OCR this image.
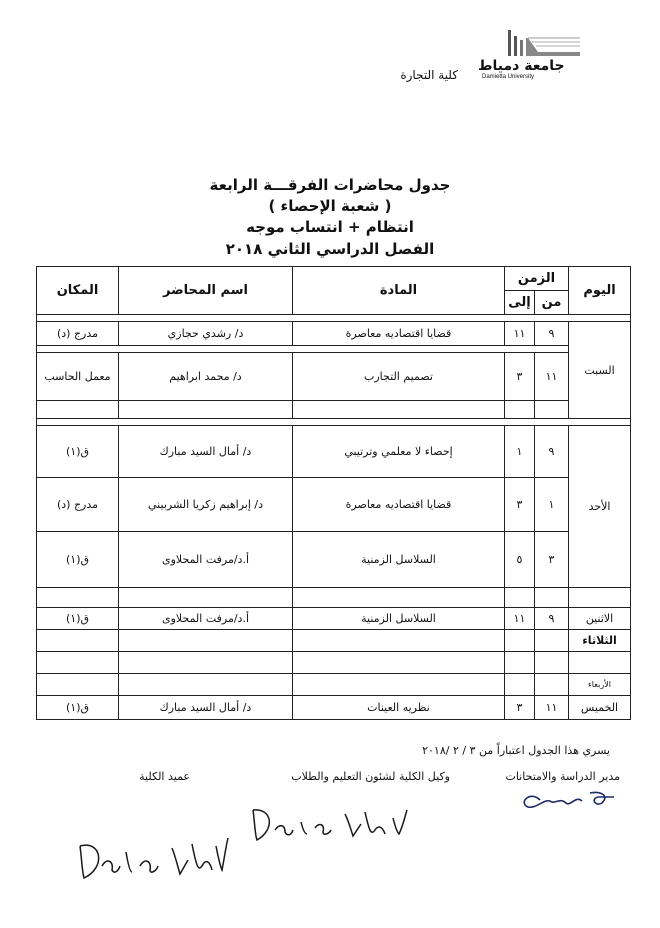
جامعة دمياط
Damietta University
كلية التجارة
جدول محاضرات الفرقـــة الرابعة
( شعبة الإحصاء )
انتظام + انتساب موجه
الفصل الدراسي الثاني ٢٠١٨
اليوم	الزمن		المادة	اسم المحاضر	المكان
	من	إلى			

السبت	٩	١١	قضايا اقتصاديه معاصرة	د/ رشدي حجازي	مدرج (د)

	١١	٣	تصميم التجارب	د/ محمد ابراهيم	معمل الحاسب

الأحد	٩	١	إحصاء لا معلمي وترتيبي	د/ أمال السيد مبارك	ق(١)
	١	٣	قضايا اقتصاديه معاصرة	د/ إبراهيم زكريا الشربيني	مدرج (د)
	٣	٥	السلاسل الزمنية	أ.د/مرفت المحلاوى	ق(١)

الاثنين	٩	١١	السلاسل الزمنية	أ.د/مرفت المحلاوى	ق(١)
الثلاثاء					

الأربعاء					
الخميس	١١	٣	نظريه العينات	د/ أمال السيد مبارك	ق(١)
يسري هذا الجدول اعتباراً من ٣ / ٢ /٢٠١٨
مدير الدراسة والامتحانات
وكيل الكلية لشئون التعليم والطلاب
عميد الكلية
